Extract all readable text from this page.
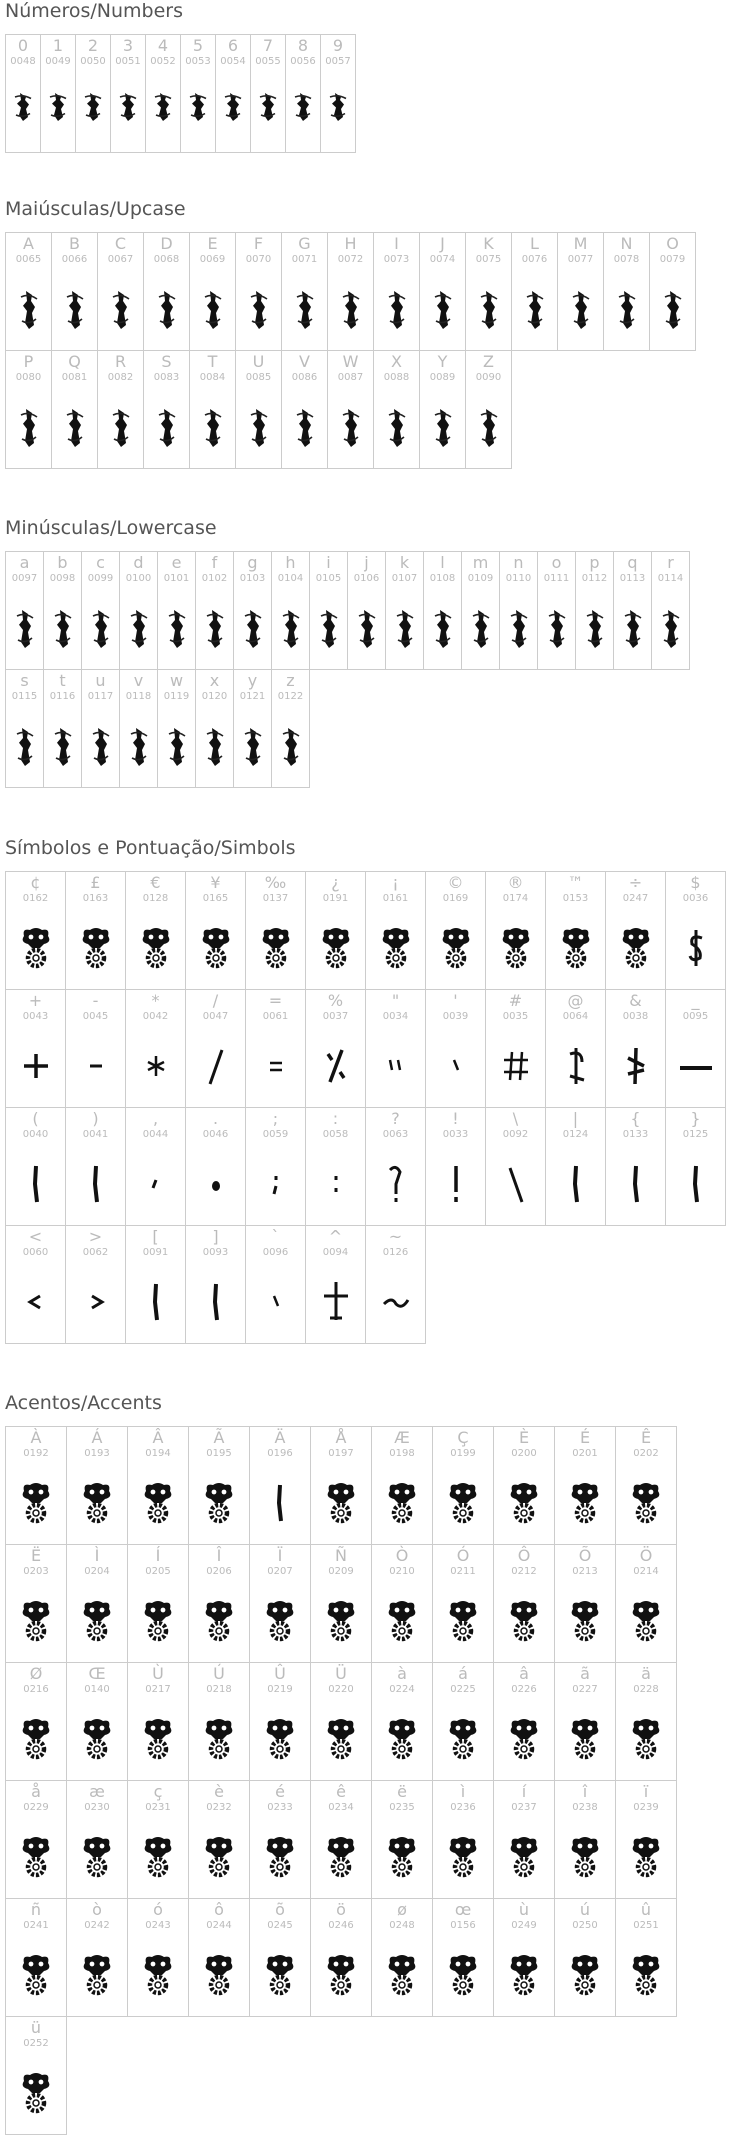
Números/Numbers
0
0048
1
0049
2
0050
3
0051
4
0052
5
0053
6
0054
7
0055
8
0056
9
0057
Maiúsculas/Upcase
A
0065
B
0066
C
0067
D
0068
E
0069
F
0070
G
0071
H
0072
I
0073
J
0074
K
0075
L
0076
M
0077
N
0078
O
0079
P
0080
Q
0081
R
0082
S
0083
T
0084
U
0085
V
0086
W
0087
X
0088
Y
0089
Z
0090
Minúsculas/Lowercase
a
0097
b
0098
c
0099
d
0100
e
0101
f
0102
g
0103
h
0104
i
0105
j
0106
k
0107
l
0108
m
0109
n
0110
o
0111
p
0112
q
0113
r
0114
s
0115
t
0116
u
0117
v
0118
w
0119
x
0120
y
0121
z
0122
Símbolos e Pontuação/Simbols
¢
0162
£
0163
€
0128
¥
0165
‰
0137
¿
0191
¡
0161
©
0169
®
0174
™
0153
÷
0247
$
0036
+
0043
-
0045
*
0042
/
0047
=
0061
%
0037
"
0034
'
0039
#
0035
@
0064
&
0038
_
0095
(
0040
)
0041
,
0044
.
0046
;
0059
:
0058
?
0063
!
0033
\
0092
|
0124
{
0133
}
0125
<
0060
>
0062
[
0091
]
0093
`
0096
^
0094
~
0126
Acentos/Accents
À
0192
Á
0193
Â
0194
Ã
0195
Ä
0196
Å
0197
Æ
0198
Ç
0199
È
0200
É
0201
Ê
0202
Ë
0203
Ì
0204
Í
0205
Î
0206
Ï
0207
Ñ
0209
Ò
0210
Ó
0211
Ô
0212
Õ
0213
Ö
0214
Ø
0216
Œ
0140
Ù
0217
Ú
0218
Û
0219
Ü
0220
à
0224
á
0225
â
0226
ã
0227
ä
0228
å
0229
æ
0230
ç
0231
è
0232
é
0233
ê
0234
ë
0235
ì
0236
í
0237
î
0238
ï
0239
ñ
0241
ò
0242
ó
0243
ô
0244
õ
0245
ö
0246
ø
0248
œ
0156
ù
0249
ú
0250
û
0251
ü
0252
